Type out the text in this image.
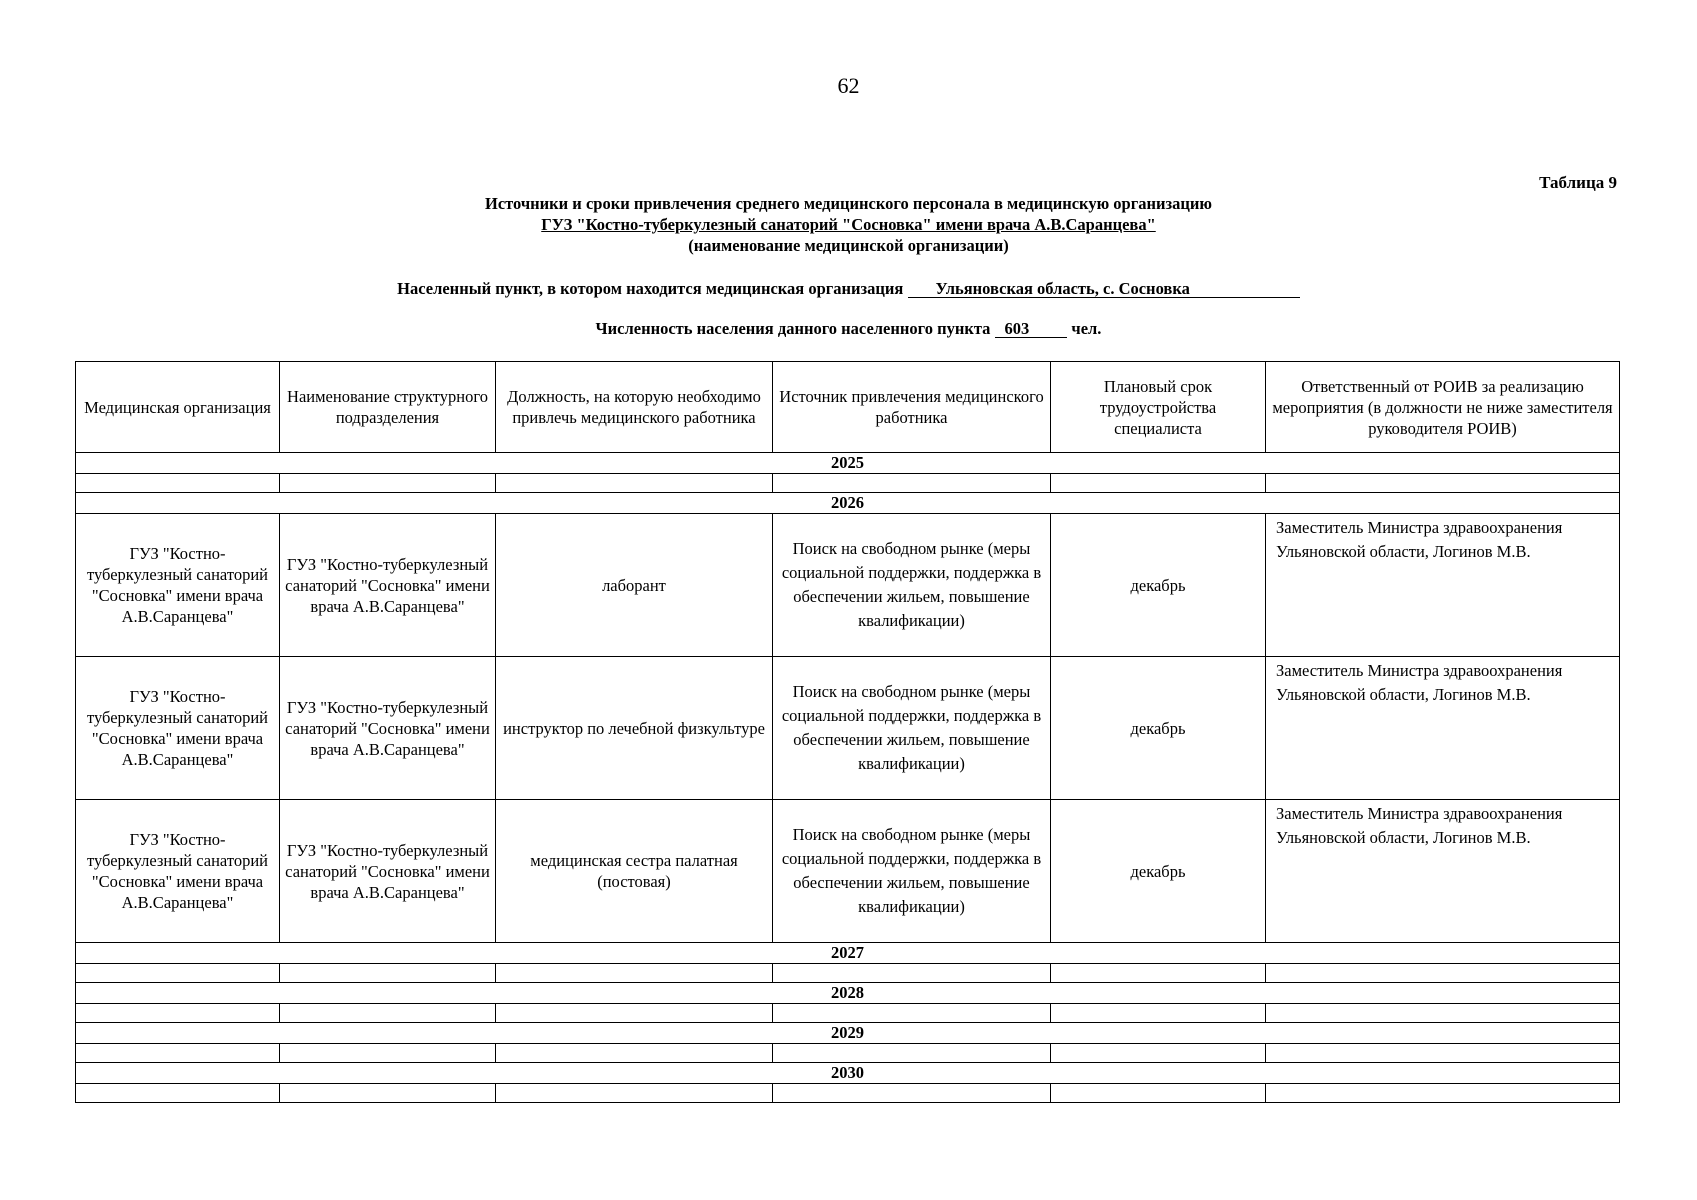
62
Таблица 9
Источники и сроки привлечения среднего медицинского персонала в медицинскую организацию
ГУЗ "Костно-туберкулезный санаторий "Сосновка" имени врача А.В.Саранцева"
(наименование медицинской организации)
Населенный пункт, в котором находится медицинская организация Ульяновская область, с. Сосновка
Численность населения данного населенного пункта 603	чел.
Медицинская организация	Наименование структурного подразделения	Должность, на которую необходимо привлечь медицинского работника	Источник привлечения медицинского работника	Плановый срок трудоустройства специалиста	Ответственный от РОИВ за реализацию мероприятия (в должности не ниже заместителя руководителя РОИВ)
2025					

2026					
ГУЗ "Костно-туберкулезный санаторий "Сосновка" имени врача А.В.Саранцева"	ГУЗ "Костно-туберкулезный санаторий "Сосновка" имени врача А.В.Саранцева"	лаборант	Поиск на свободном рынке (меры социальной поддержки, поддержка в обеспечении жильем, повышение квалификации)	декабрь	Заместитель Министра здравоохранения Ульяновской области, Логинов М.В.
ГУЗ "Костно-туберкулезный санаторий "Сосновка" имени врача А.В.Саранцева"	ГУЗ "Костно-туберкулезный санаторий "Сосновка" имени врача А.В.Саранцева"	инструктор по лечебной физкультуре	Поиск на свободном рынке (меры социальной поддержки, поддержка в обеспечении жильем, повышение квалификации)	декабрь	Заместитель Министра здравоохранения Ульяновской области, Логинов М.В.
ГУЗ "Костно-туберкулезный санаторий "Сосновка" имени врача А.В.Саранцева"	ГУЗ "Костно-туберкулезный санаторий "Сосновка" имени врача А.В.Саранцева"	медицинская сестра палатная (постовая)	Поиск на свободном рынке (меры социальной поддержки, поддержка в обеспечении жильем, повышение квалификации)	декабрь	Заместитель Министра здравоохранения Ульяновской области, Логинов М.В.
2027					

2028					

2029					

2030					
